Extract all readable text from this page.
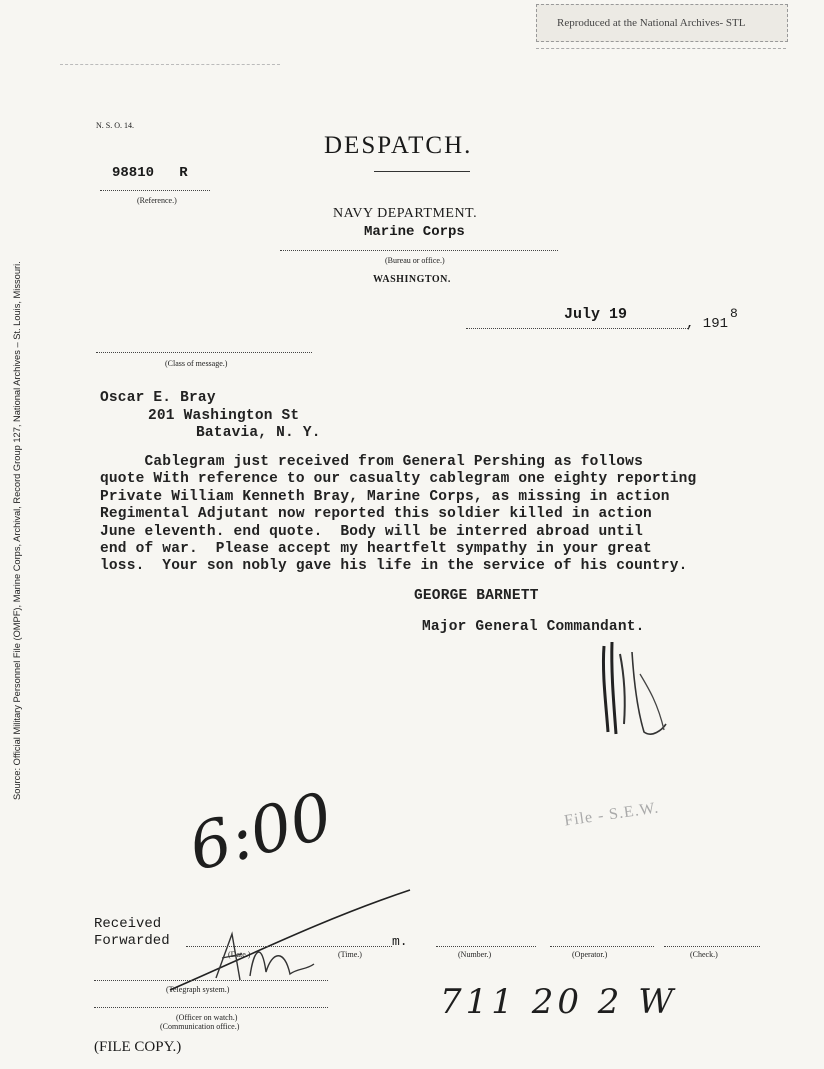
Reproduced at the National Archives- STL
Source: Official Military Personnel File (OMPF), Marine Corps, Archival, Record Group 127, National Archives – St. Louis, Missouri.
N. S. O. 14.
DESPATCH.
98810   R
(Reference.)
NAVY DEPARTMENT.
Marine Corps
(Bureau or office.)
WASHINGTON.
July 19
, 191
8
(Class of message.)
Oscar E. Bray
201 Washington St
Batavia, N. Y.
Cablegram just received from General Pershing as follows
quote With reference to our casualty cablegram one eighty reporting
Private William Kenneth Bray, Marine Corps, as missing in action
Regimental Adjutant now reported this soldier killed in action
June eleventh. end quote.  Body will be interred abroad until
end of war.  Please accept my heartfelt sympathy in your great
loss.  Your son nobly gave his life in the service of his country.
GEORGE BARNETT
Major General Commandant.
File - S.E.W.
6:00
Received
Forwarded	m.
(Date.)	(Time.)	(Number.)	(Operator.)	(Check.)
(Telegraph system.)	711 20 2 W
(Officer on watch.)
(Communication office.)
(FILE COPY.)
